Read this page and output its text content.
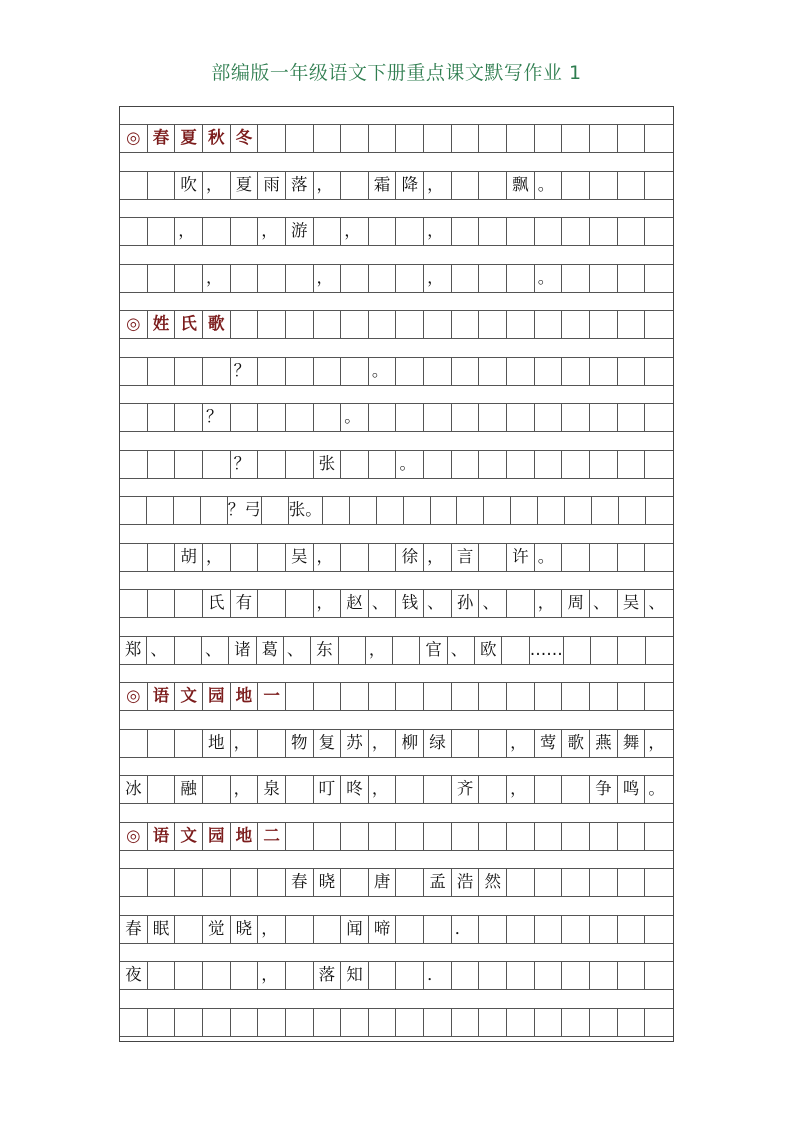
部编版一年级语文下册重点课文默写作业 1
◎ 春 夏 秋 冬
吹 ， 夏 雨 落 ，	霜 降 ，	飘 。
，	， 游	，	，
，	，	，	。
◎ 姓 氏 歌
？	。
？	。
？	张	。
？弓 张。
胡 ，	吴 ，	徐 ， 言	许 。
氏 有	， 赵 、 钱 、 孙 、	， 周 、 吴 、
郑 、	、 诸 葛 、 东	，	官 、 欧	……
◎ 语 文 园 地 一
地 ，	物 复 苏 ， 柳 绿	， 莺 歌 燕 舞 ，
冰	融	， 泉	叮 咚 ，	齐	，	争 鸣 。
◎ 语 文 园 地 二
春 晓	唐	孟 浩 然
春 眠	觉 晓 ，	闻 啼	．
夜	，	落 知	．
